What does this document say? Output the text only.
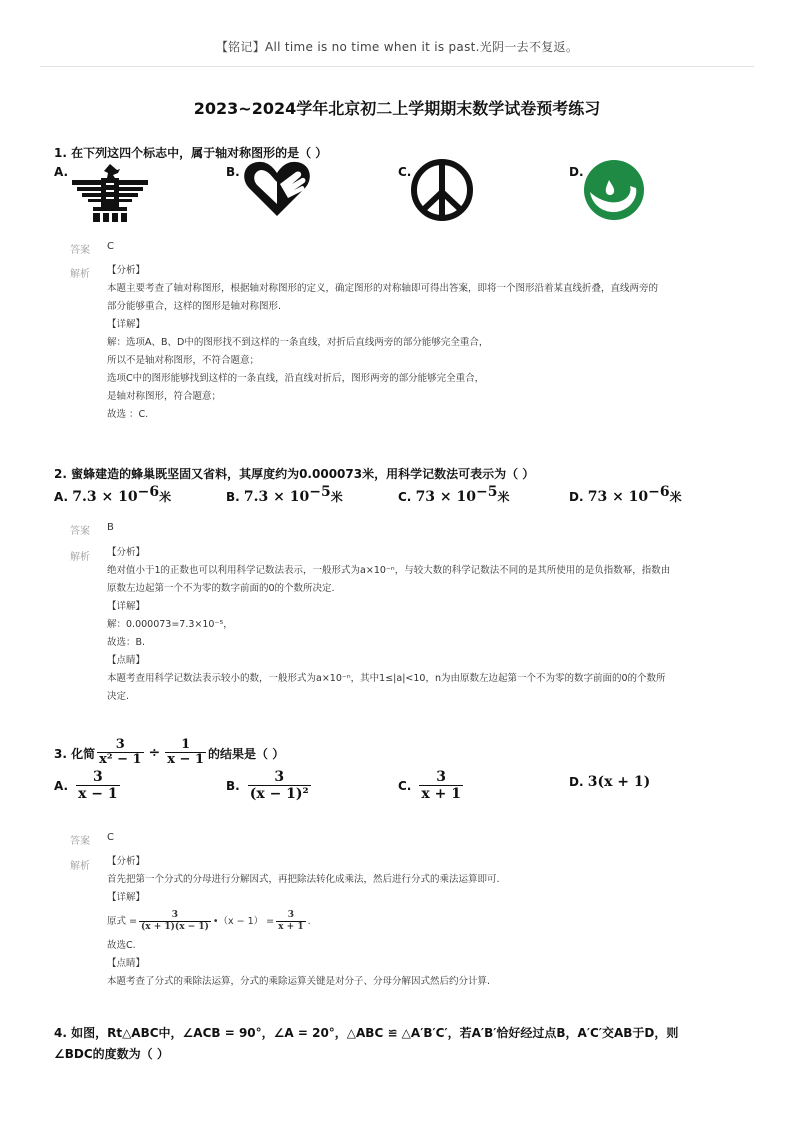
【铭记】All time is no time when it is past.光阴一去不复返。
2023~2024学年北京初二上学期期末数学试卷预考练习
1. 在下列这四个标志中，属于轴对称图形的是（ ）
A.	B.	C.	D.
答案 C
解析 【分析】
本题主要考查了轴对称图形，根据轴对称图形的定义，确定图形的对称轴即可得出答案，即将一个图形沿着某直线折叠，直线两旁的
部分能够重合，这样的图形是轴对称图形.
【详解】
解：选项A、B、D中的图形找不到这样的一条直线，对折后直线两旁的部分能够完全重合，
所以不是轴对称图形，不符合题意；
选项C中的图形能够找到这样的一条直线，沿直线对折后，图形两旁的部分能够完全重合，
是轴对称图形，符合题意；
故选 ：C.
2. 蜜蜂建造的蜂巢既坚固又省料，其厚度约为0.000073米，用科学记数法可表示为（ ）
A. $7.3 \times 10^{-6}$米	B. $7.3 \times 10^{-5}$米	C. $73 \times 10^{-5}$米	D. $73 \times 10^{-6}$米
答案 B
解析 【分析】
绝对值小于1的正数也可以利用科学记数法表示，一般形式为a×10⁻ⁿ，与较大数的科学记数法不同的是其所使用的是负指数幂，指数由
原数左边起第一个不为零的数字前面的0的个数所决定.
【详解】
解：0.000073=7.3×10⁻⁵，
故选：B.
【点睛】
本题考查用科学记数法表示较小的数，一般形式为a×10⁻ⁿ，其中1≤|a|<10，n为由原数左边起第一个不为零的数字前面的0的个数所
决定.
3. 化简 $\frac{3}{\text{x² − 1}} \div \frac{1}{x - 1}$ 的结果是（ ）
A. $\frac{3}{x - 1}$	B. $\frac{3}{\text{(x − 1)²}}$	C. $\frac{3}{x + 1}$	D. 3(x + 1)
答案 C
解析 【分析】
首先把第一个分式的分母进行分解因式，再把除法转化成乘法，然后进行分式的乘法运算即可.
【详解】
原式 = $\frac{3}{(x + 1)(x - 1)}$ •（x − $1) = \frac{3}{x + 1}$ .
故选C.
【点睛】
本题考查了分式的乘除法运算，分式的乘除运算关键是对分子、分母分解因式然后约分计算.
4. 如图，Rt△ABC中，∠ACB = 90°，∠A = 20°，△ABC ≌ △A′B′C′，若A′B′恰好经过点B，A′C′交AB于D，则
∠BDC的度数为（ ）
